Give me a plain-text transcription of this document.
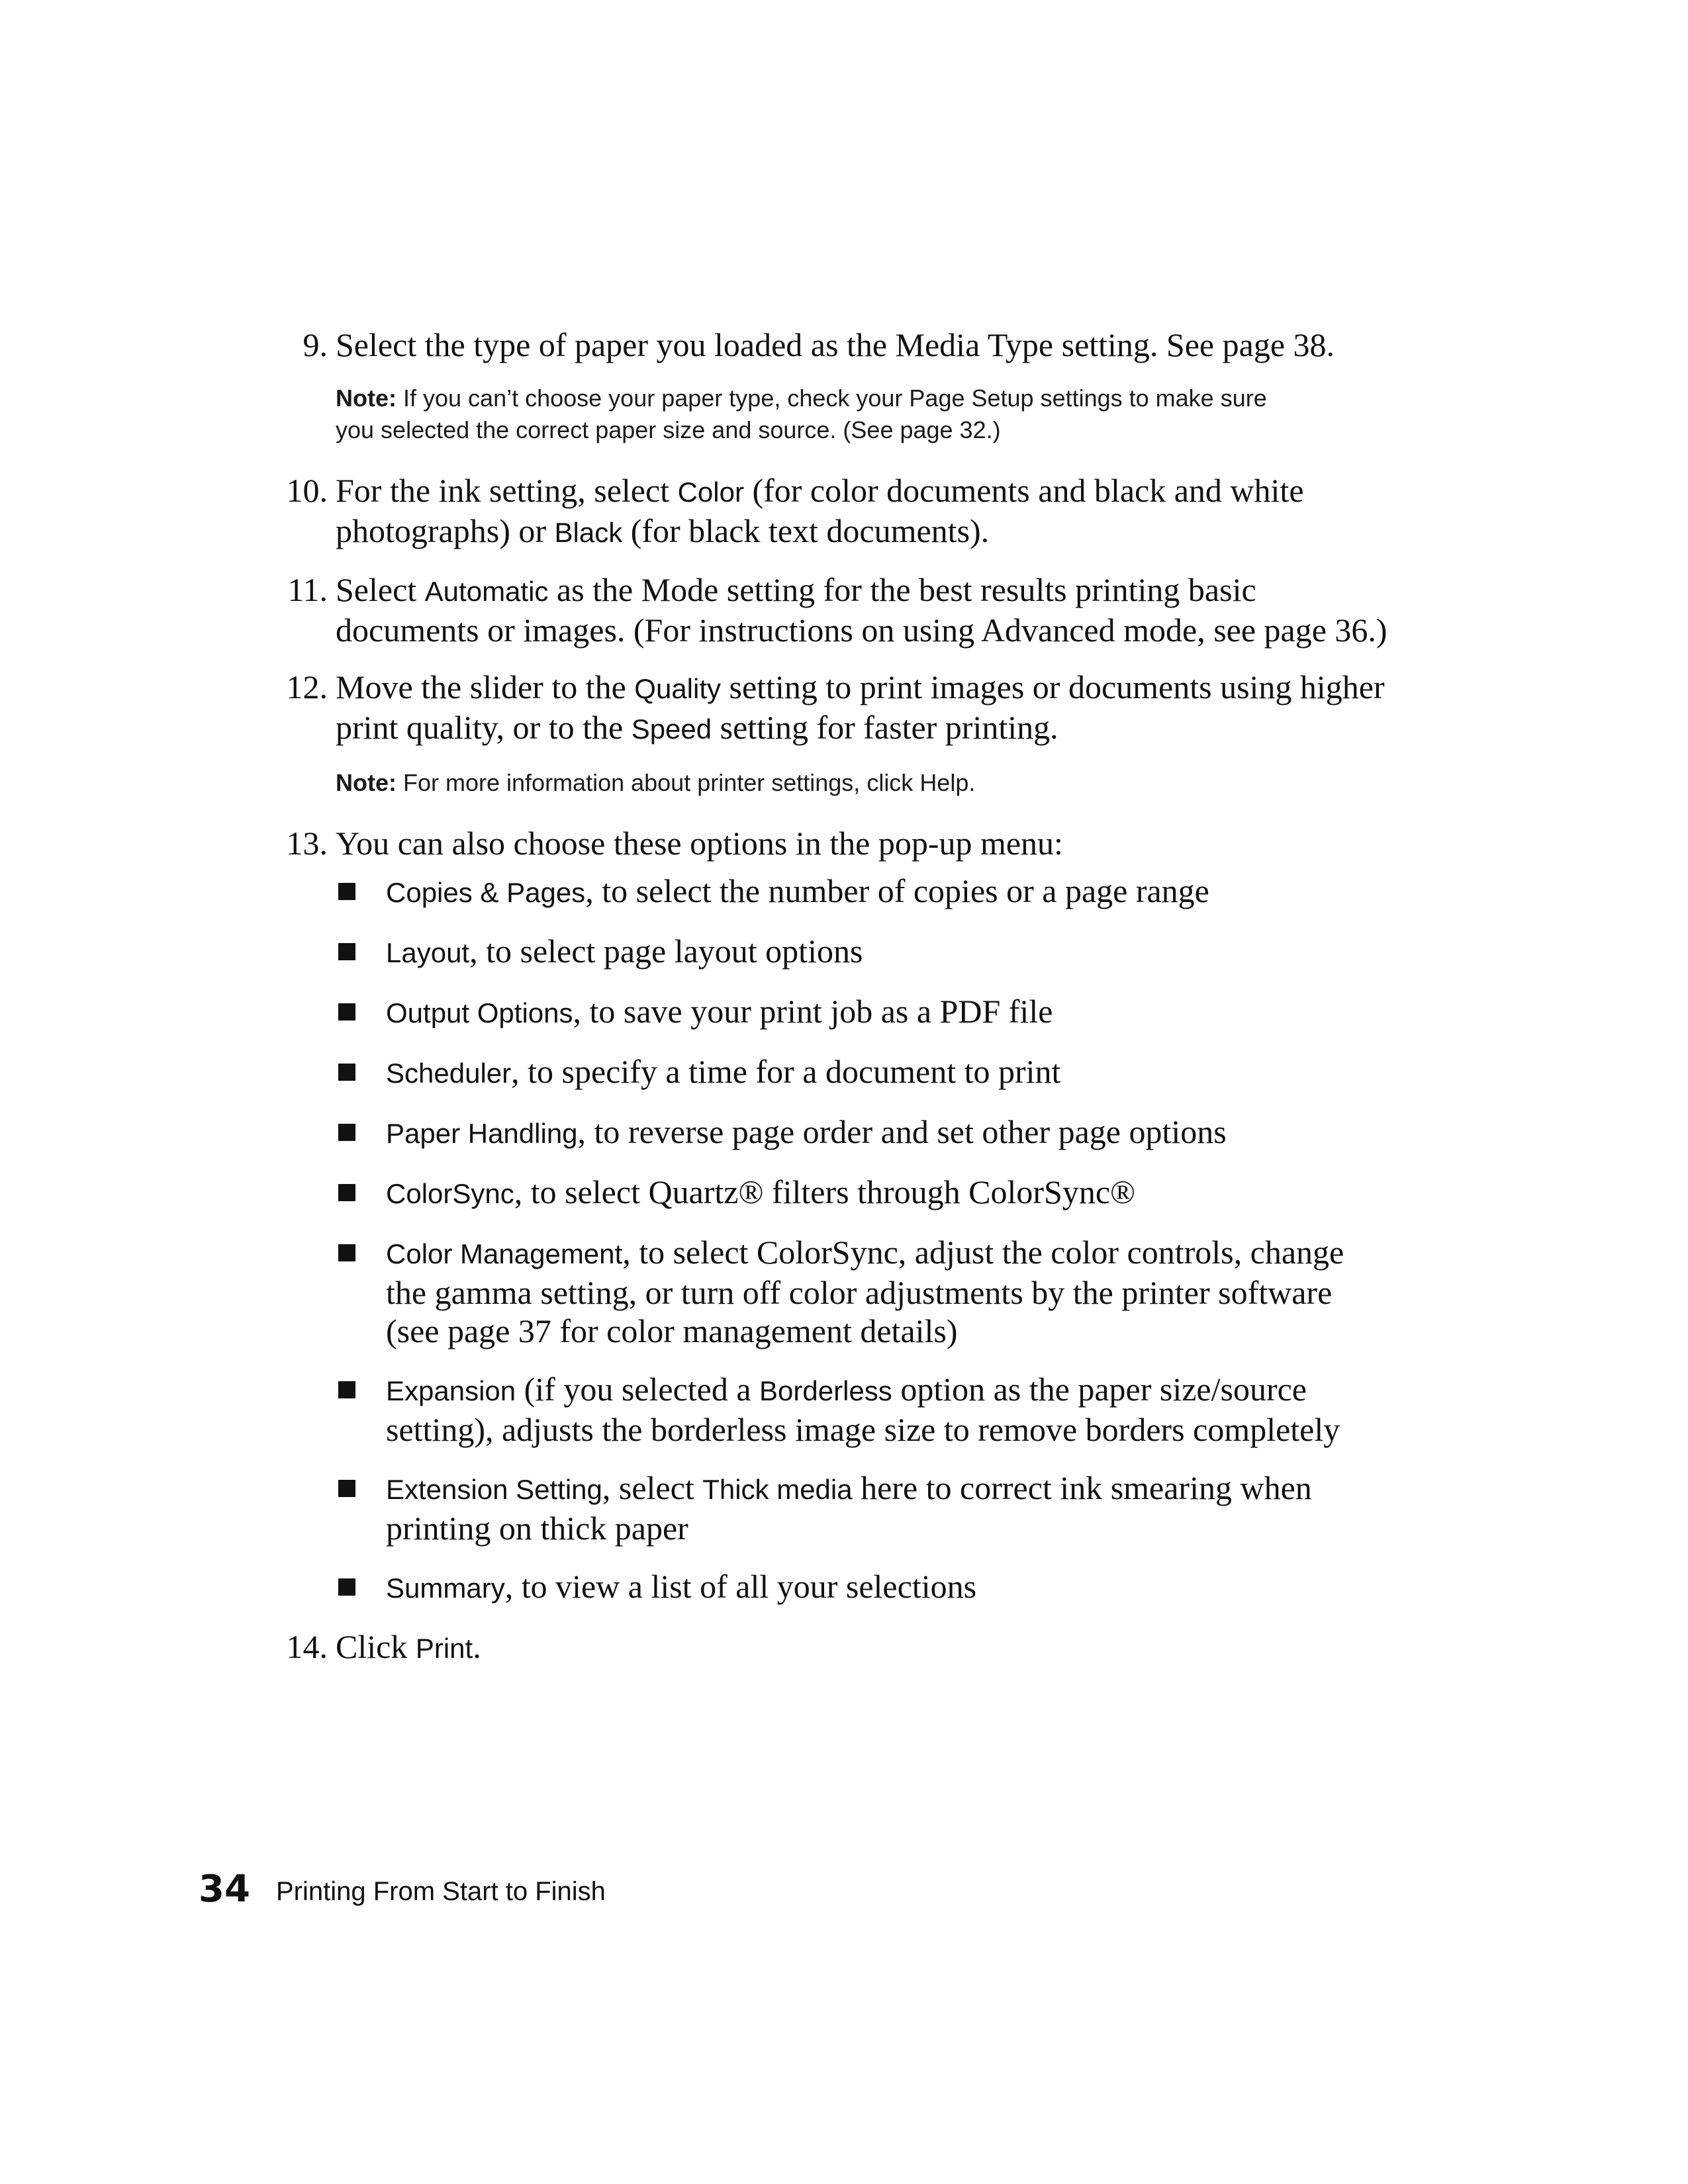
9. Select the type of paper you loaded as the Media Type setting. See page 38.
Note: If you can’t choose your paper type, check your Page Setup settings to make sure you selected the correct paper size and source. (See page 32.)
10. For the ink setting, select Color (for color documents and black and white photographs) or Black (for black text documents).
11. Select Automatic as the Mode setting for the best results printing basic documents or images. (For instructions on using Advanced mode, see page 36.)
12. Move the slider to the Quality setting to print images or documents using higher print quality, or to the Speed setting for faster printing.
Note: For more information about printer settings, click Help.
13. You can also choose these options in the pop-up menu:
Copies & Pages, to select the number of copies or a page range
Layout, to select page layout options
Output Options, to save your print job as a PDF file
Scheduler, to specify a time for a document to print
Paper Handling, to reverse page order and set other page options
ColorSync, to select Quartz® filters through ColorSync®
Color Management, to select ColorSync, adjust the color controls, change the gamma setting, or turn off color adjustments by the printer software (see page 37 for color management details)
Expansion (if you selected a Borderless option as the paper size/source setting), adjusts the borderless image size to remove borders completely
Extension Setting, select Thick media here to correct ink smearing when printing on thick paper
Summary, to view a list of all your selections
14. Click Print.
34 Printing From Start to Finish
